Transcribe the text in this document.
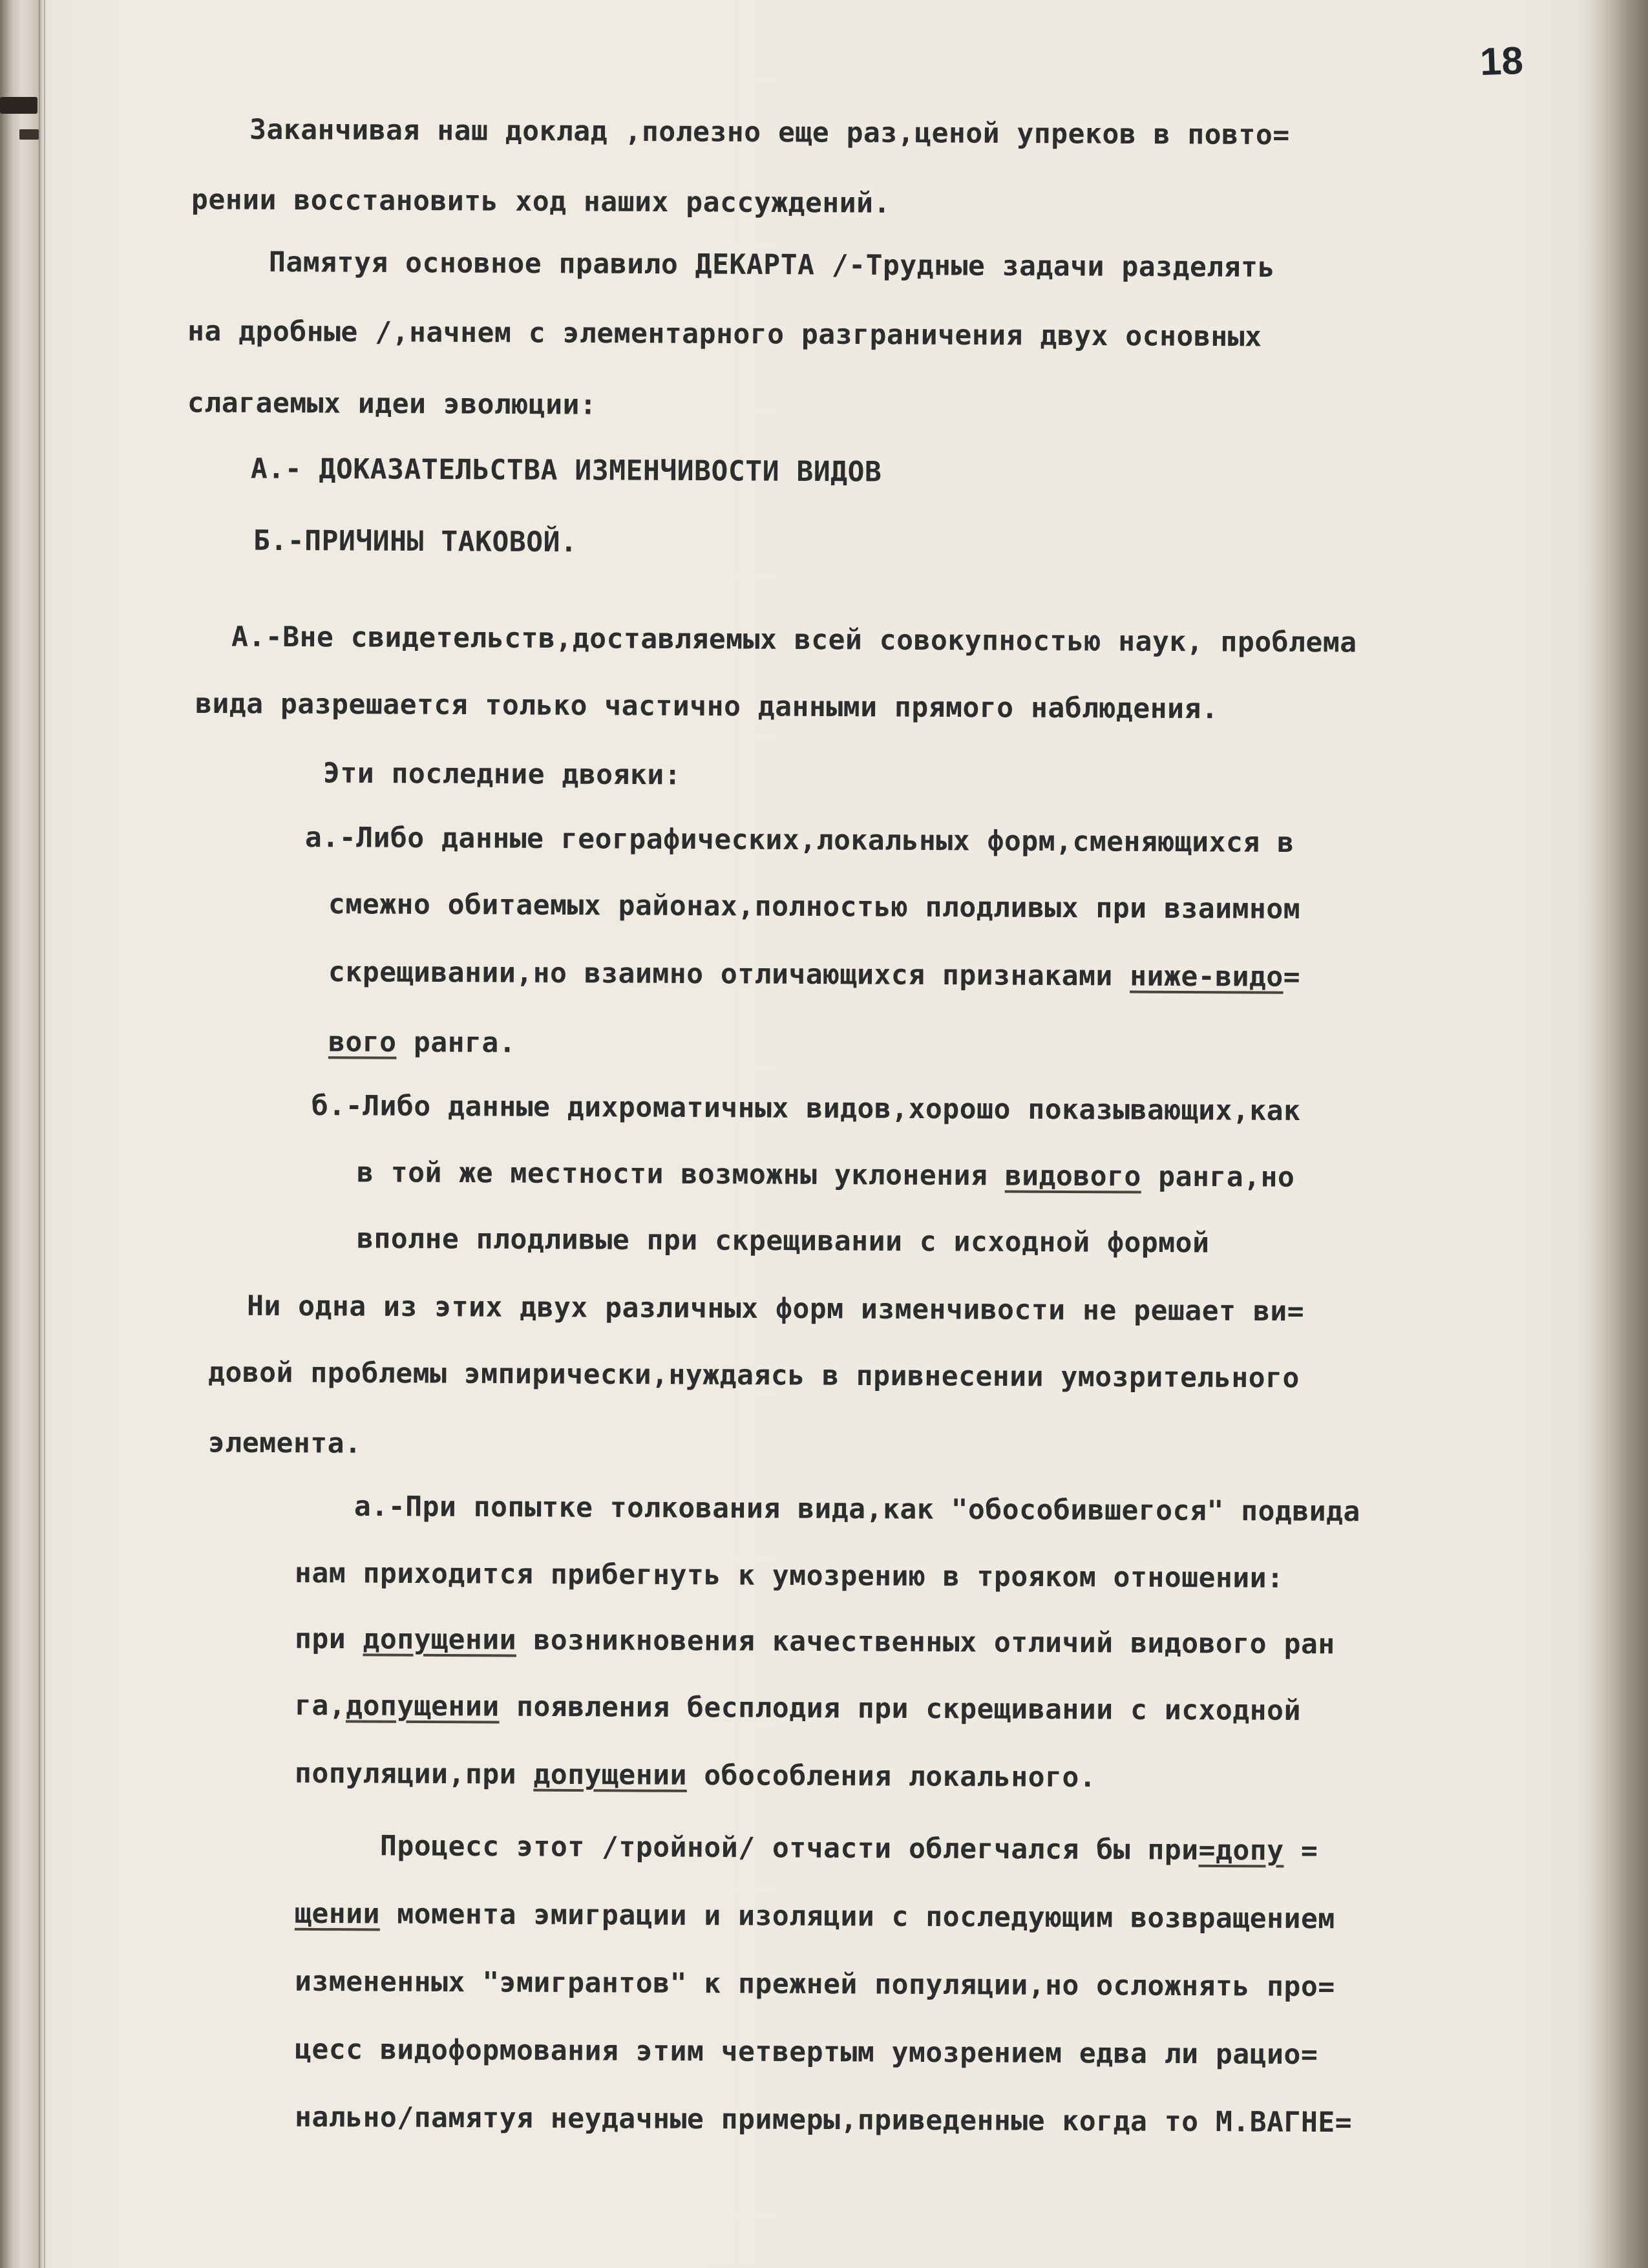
18

Заканчивая наш доклад ,полезно еще раз,ценой упреков в повто=

рении восстановить ход наших рассуждений.

Памятуя основное правило ДЕКАРТА /-Трудные задачи разделять

на дробные /,начнем с элементарного разграничения двух основных

слагаемых идеи эволюции:

А.- ДОКАЗАТЕЛЬСТВА ИЗМЕНЧИВОСТИ ВИДОВ

Б.-ПРИЧИНЫ ТАКОВОЙ.

А.-Вне свидетельств,доставляемых всей совокупностью наук, проблема

вида разрешается только частично данными прямого наблюдения.

Эти последние двояки:

а.-Либо данные географических,локальных форм,сменяющихся в

смежно обитаемых районах,полностью плодливых при взаимном

скрещивании,но взаимно отличающихся признаками ниже-видо=

вого ранга.

б.-Либо данные дихроматичных видов,хорошо показывающих,как

в той же местности возможны уклонения видового ранга,но

вполне плодливые при скрещивании с исходной формой

Ни одна из этих двух различных форм изменчивости не решает ви=

довой проблемы эмпирически,нуждаясь в привнесении умозрительного

элемента.

а.-При попытке толкования вида,как "обособившегося" подвида

нам приходится прибегнуть к умозрению в трояком отношении:

при допущении возникновения качественных отличий видового ран

га,допущении появления бесплодия при скрещивании с исходной

популяции,при допущении обособления локального.

Процесс этот /тройной/ отчасти облегчался бы при=допу =

щении момента эмиграции и изоляции с последующим возвращением

измененных "эмигрантов" к прежней популяции,но осложнять про=

цесс видоформования этим четвертым умозрением едва ли рацио=

нально/памятуя неудачные примеры,приведенные когда то М.ВАГНЕ=
